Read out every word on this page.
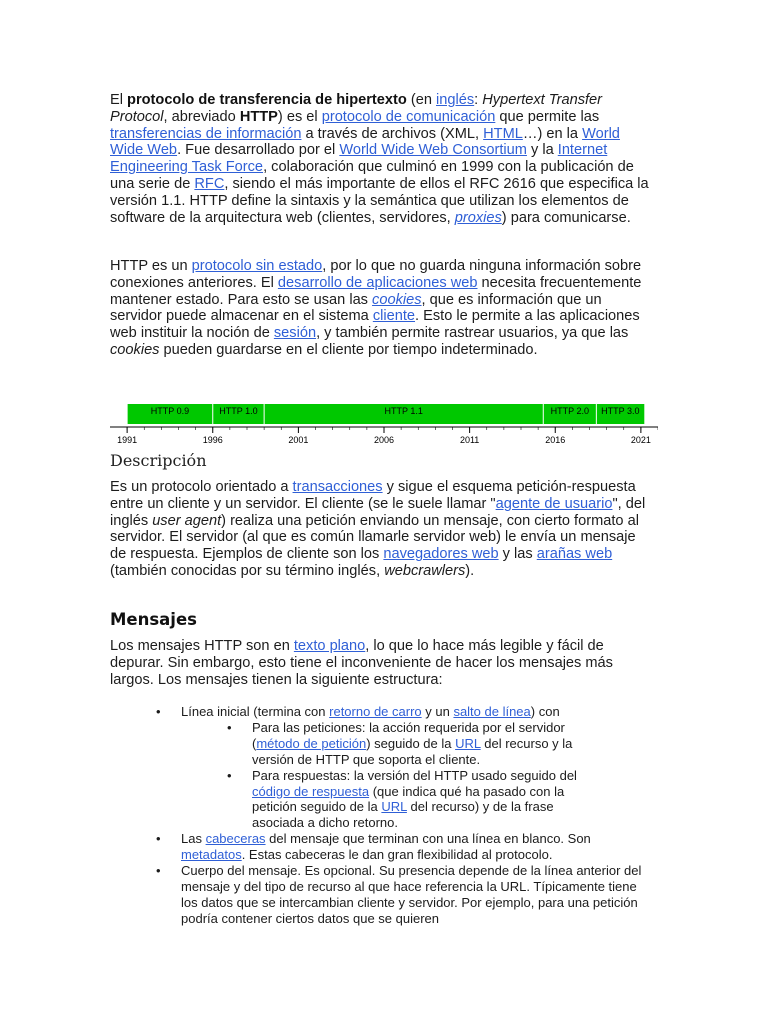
El protocolo de transferencia de hipertexto (en inglés: Hypertext Transfer Protocol, abreviado HTTP) es el protocolo de comunicación que permite las transferencias de información a través de archivos (XML, HTML…) en la World Wide Web. Fue desarrollado por el World Wide Web Consortium y la Internet Engineering Task Force, colaboración que culminó en 1999 con la publicación de una serie de RFC, siendo el más importante de ellos el RFC 2616 que especifica la versión 1.1. HTTP define la sintaxis y la semántica que utilizan los elementos de software de la arquitectura web (clientes, servidores, proxies) para comunicarse.

HTTP es un protocolo sin estado, por lo que no guarda ninguna información sobre conexiones anteriores. El desarrollo de aplicaciones web necesita frecuentemente mantener estado. Para esto se usan las cookies, que es información que un servidor puede almacenar en el sistema cliente. Esto le permite a las aplicaciones web instituir la noción de sesión, y también permite rastrear usuarios, ya que las cookies pueden guardarse en el cliente por tiempo indeterminado.

HTTP 0.9	HTTP 1.0	HTTP 1.1	HTTP 2.0 HTTP 3.0
1991	1996	2001	2006	2011	2016	2021
Descripción

Es un protocolo orientado a transacciones y sigue el esquema petición-respuesta entre un cliente y un servidor. El cliente (se le suele llamar "agente de usuario", del inglés user agent) realiza una petición enviando un mensaje, con cierto formato al servidor. El servidor (al que es común llamarle servidor web) le envía un mensaje de respuesta. Ejemplos de cliente son los navegadores web y las arañas web (también conocidas por su término inglés, webcrawlers).

Mensajes

Los mensajes HTTP son en texto plano, lo que lo hace más legible y fácil de depurar. Sin embargo, esto tiene el inconveniente de hacer los mensajes más largos. Los mensajes tienen la siguiente estructura:

• Línea inicial (termina con retorno de carro y un salto de línea) con
• Para las peticiones: la acción requerida por el servidor (método de petición) seguido de la URL del recurso y la versión de HTTP que soporta el cliente.
• Para respuestas: la versión del HTTP usado seguido del código de respuesta (que indica qué ha pasado con la petición seguido de la URL del recurso) y de la frase asociada a dicho retorno.
• Las cabeceras del mensaje que terminan con una línea en blanco. Son metadatos. Estas cabeceras le dan gran flexibilidad al protocolo.
• Cuerpo del mensaje. Es opcional. Su presencia depende de la línea anterior del mensaje y del tipo de recurso al que hace referencia la URL. Típicamente tiene los datos que se intercambian cliente y servidor. Por ejemplo, para una petición podría contener ciertos datos que se quieren
